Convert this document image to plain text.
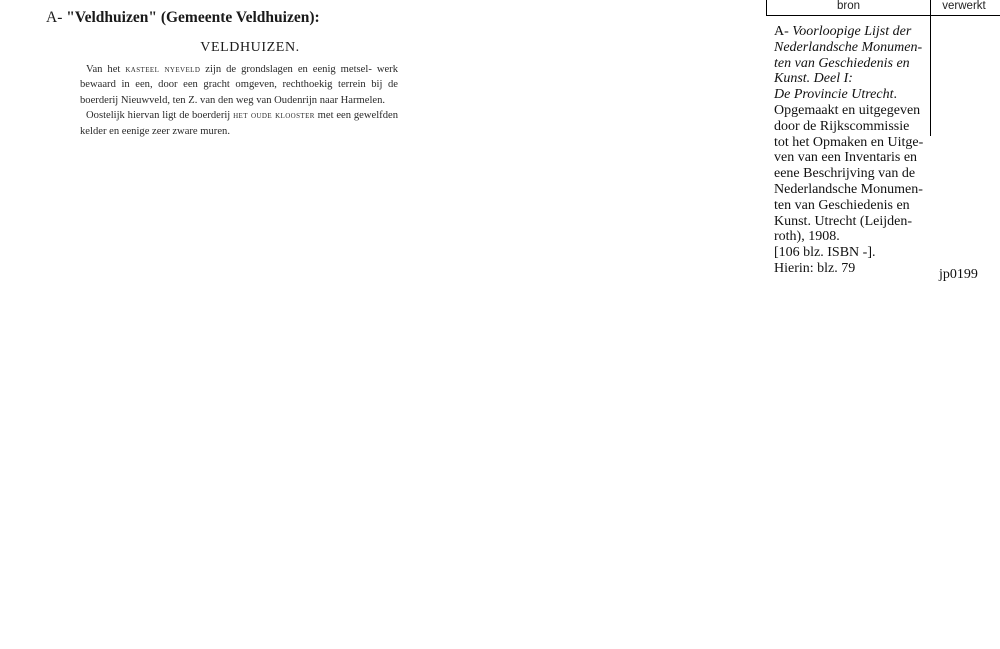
A- "Veldhuizen" (Gemeente Veldhuizen):
VELDHUIZEN.

Van het kasteel nyeveld zijn de grondslagen en eenig metsel- werk bewaard in een, door een gracht omgeven, rechthoekig terrein bij de boerderij Nieuwveld, ten Z. van den weg van Oudenrijn naar Harmelen.

Oostelijk hiervan ligt de boerderij het oude klooster met een gewelfden kelder en eenige zeer zware muren.

bron	verwerkt
A- Voorloopige Lijst der
Nederlandsche Monumen-
ten van Geschiedenis en
Kunst. Deel I:
De Provincie Utrecht.
Opgemaakt en uitgegeven
door de Rijkscommissie
tot het Opmaken en Uitge-
ven van een Inventaris en
eene Beschrijving van de
Nederlandsche Monumen-
ten van Geschiedenis en
Kunst. Utrecht (Leijden-
roth), 1908.
[106 blz. ISBN -].
Hierin: blz. 79	jp0199
